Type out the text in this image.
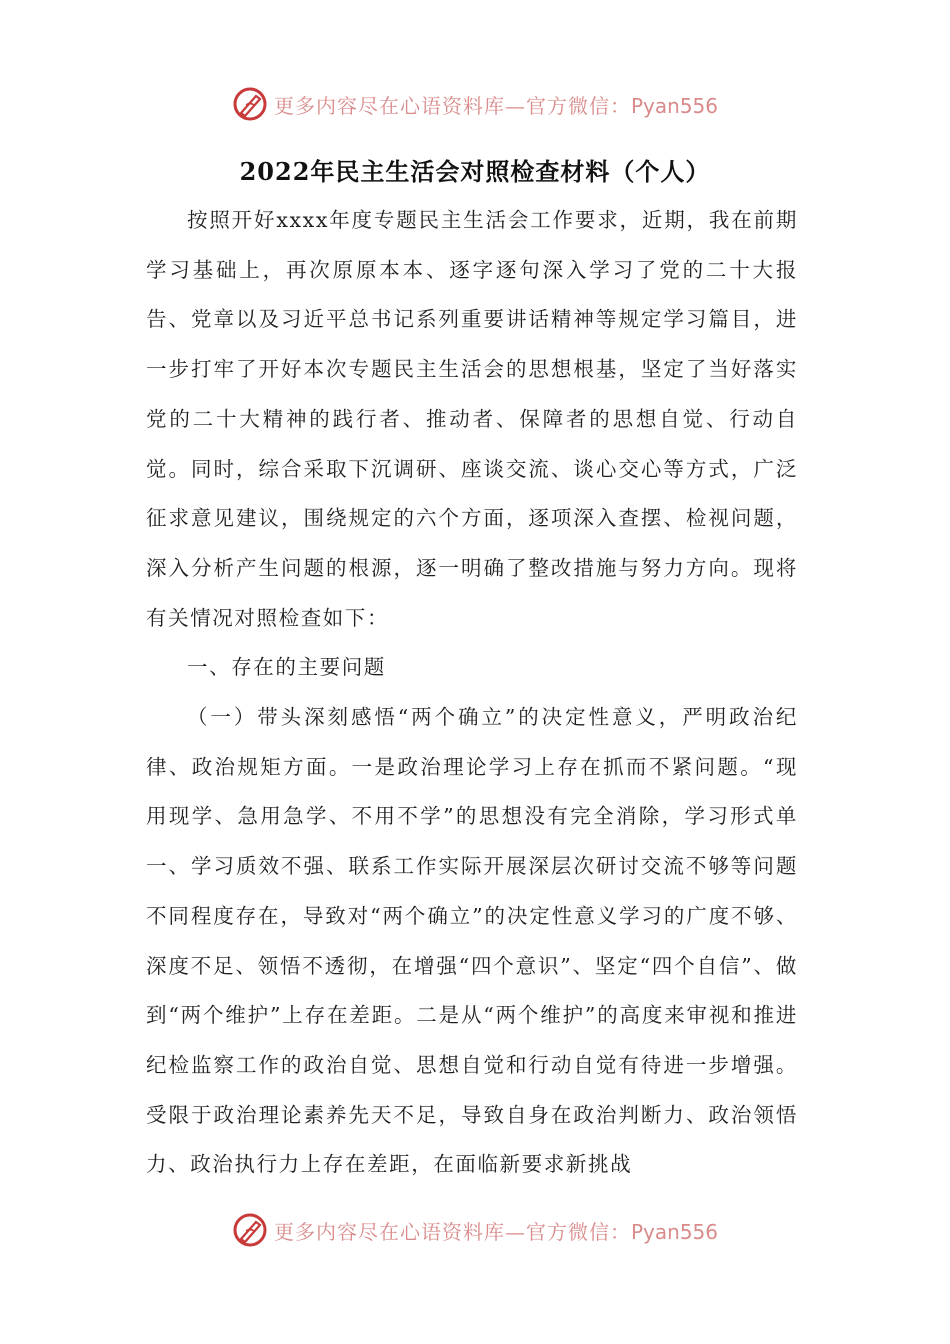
更多内容尽在心语资料库—官方微信：Pyan556
2022年民主生活会对照检查材料（个人）

按照开好xxxx年度专题民主生活会工作要求，近期，我在前期学习基础上，再次原原本本、逐字逐句深入学习了党的二十大报告、党章以及习近平总书记系列重要讲话精神等规定学习篇目，进一步打牢了开好本次专题民主生活会的思想根基，坚定了当好落实党的二十大精神的践行者、推动者、保障者的思想自觉、行动自觉。同时，综合采取下沉调研、座谈交流、谈心交心等方式，广泛征求意见建议，围绕规定的六个方面，逐项深入查摆、检视问题，深入分析产生问题的根源，逐一明确了整改措施与努力方向。现将有关情况对照检查如下：

一、存在的主要问题

（一）带头深刻感悟“两个确立”的决定性意义，严明政治纪律、政治规矩方面。一是政治理论学习上存在抓而不紧问题。“现用现学、急用急学、不用不学”的思想没有完全消除，学习形式单一、学习质效不强、联系工作实际开展深层次研讨交流不够等问题不同程度存在，导致对“两个确立”的决定性意义学习的广度不够、深度不足、领悟不透彻，在增强“四个意识”、坚定“四个自信”、做到“两个维护”上存在差距。二是从“两个维护”的高度来审视和推进纪检监察工作的政治自觉、思想自觉和行动自觉有待进一步增强。受限于政治理论素养先天不足，导致自身在政治判断力、政治领悟力、政治执行力上存在差距，在面临新要求新挑战

更多内容尽在心语资料库—官方微信：Pyan556
